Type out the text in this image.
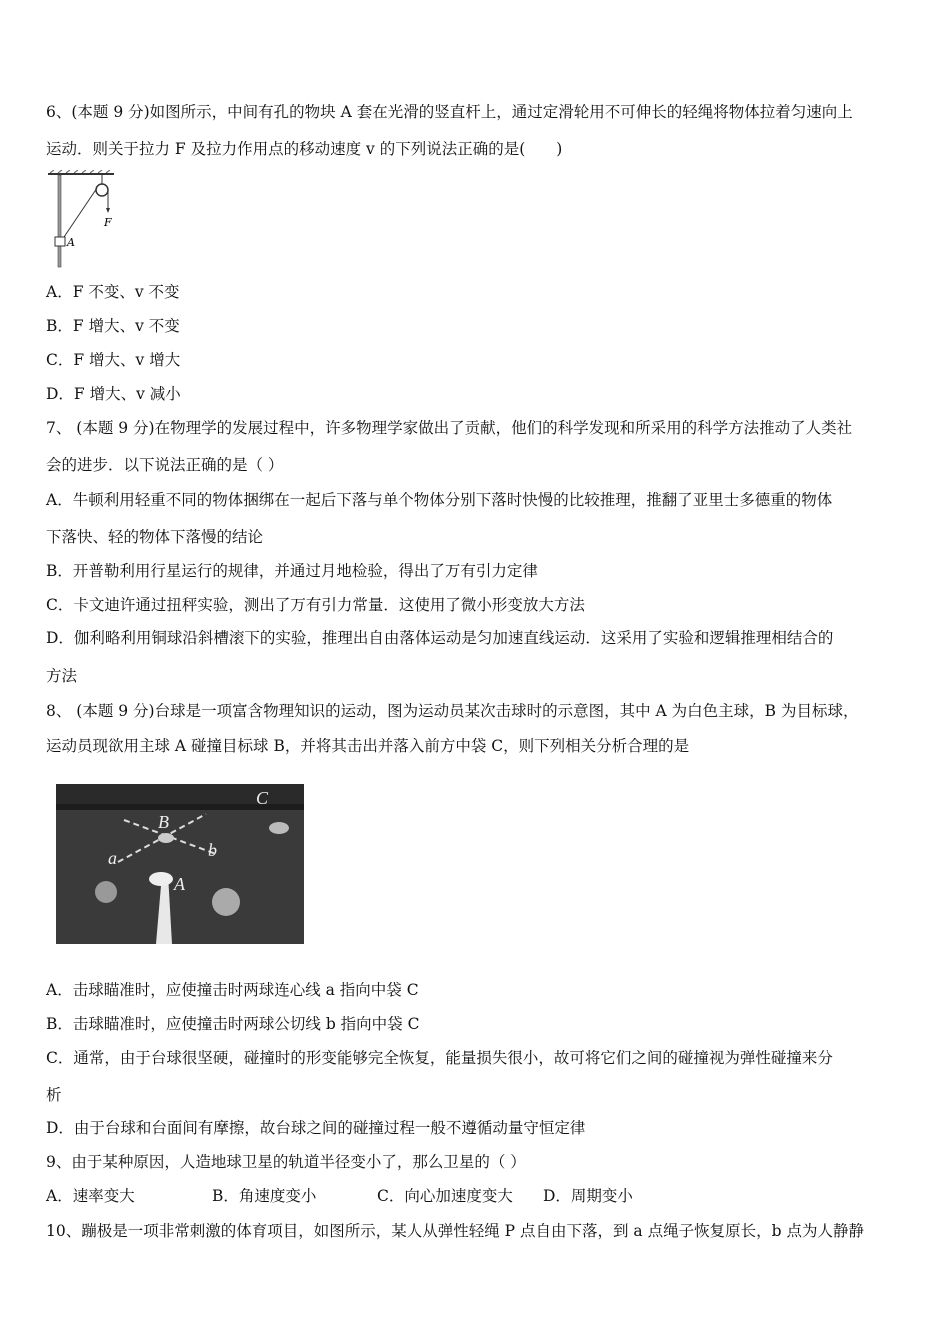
6、(本题 9 分)如图所示，中间有孔的物块 A 套在光滑的竖直杆上，通过定滑轮用不可伸长的轻绳将物体拉着匀速向上
运动．则关于拉力 F 及拉力作用点的移动速度 v 的下列说法正确的是(　　)
F
A
A．F 不变、v 不变
B．F 增大、v 不变
C．F 增大、v 增大
D．F 增大、v 减小
7、 (本题 9 分)在物理学的发展过程中，许多物理学家做出了贡献，他们的科学发现和所采用的科学方法推动了人类社
会的进步．以下说法正确的是（ ）
A．牛顿利用轻重不同的物体捆绑在一起后下落与单个物体分别下落时快慢的比较推理，推翻了亚里士多德重的物体
下落快、轻的物体下落慢的结论
B．开普勒利用行星运行的规律，并通过月地检验，得出了万有引力定律
C．卡文迪许通过扭秤实验，测出了万有引力常量．这使用了微小形变放大方法
D．伽利略利用铜球沿斜槽滚下的实验，推理出自由落体运动是匀加速直线运动．这采用了实验和逻辑推理相结合的
方法
8、 (本题 9 分)台球是一项富含物理知识的运动，图为运动员某次击球时的示意图，其中 A 为白色主球，B 为目标球，
运动员现欲用主球 A 碰撞目标球 B，并将其击出并落入前方中袋 C，则下列相关分析合理的是
B
C
a	b
A
A．击球瞄准时，应使撞击时两球连心线 a 指向中袋 C
B．击球瞄准时，应使撞击时两球公切线 b 指向中袋 C
C．通常，由于台球很坚硬，碰撞时的形变能够完全恢复，能量损失很小，故可将它们之间的碰撞视为弹性碰撞来分
析
D．由于台球和台面间有摩擦，故台球之间的碰撞过程一般不遵循动量守恒定律
9、由于某种原因，人造地球卫星的轨道半径变小了，那么卫星的（ ）
A．速率变大	B．角速度变小	C．向心加速度变大 D．周期变小
10、蹦极是一项非常刺激的体育项目，如图所示，某人从弹性轻绳 P 点自由下落，到 a 点绳子恢复原长，b 点为人静静
